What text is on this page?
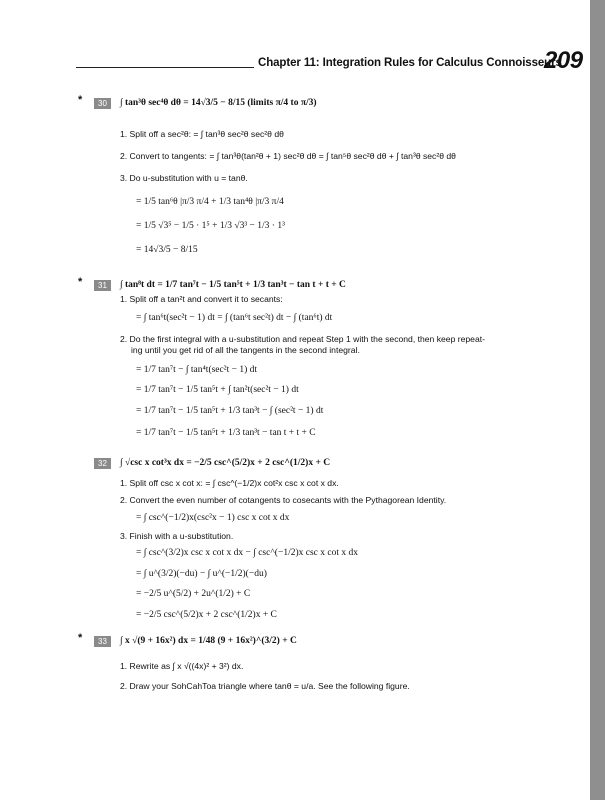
Chapter 11: Integration Rules for Calculus Connoisseurs
209
*	30	∫ tan³θ sec⁴θ dθ = 14√3/5 − 8/15 (limits π/4 to π/3)
1. Split off a sec²θ: = ∫ tan³θ sec²θ sec²θ dθ
2. Convert to tangents: = ∫ tan³θ(tan²θ + 1) sec²θ dθ = ∫ tan⁵θ sec²θ dθ + ∫ tan³θ sec²θ dθ
3. Do u-substitution with u = tanθ.
= 1/5 tan⁶θ |π/3 π/4 + 1/3 tan⁴θ |π/3 π/4
= 1/5 √3⁵ − 1/5 · 1⁵ + 1/3 √3³ − 1/3 · 1³
= 14√3/5 − 8/15
*	31	∫ tan⁸t dt = 1/7 tan⁷t − 1/5 tan⁵t + 1/3 tan³t − tan t + t + C
1. Split off a tan²t and convert it to secants:
= ∫ tan⁶t(sec²t − 1) dt = ∫ (tan⁶t sec²t) dt − ∫ (tan⁶t) dt
2. Do the first integral with a u-substitution and repeat Step 1 with the second, then keep repeat-
ing until you get rid of all the tangents in the second integral.
= 1/7 tan⁷t − ∫ tan⁴t(sec²t − 1) dt
= 1/7 tan⁷t − 1/5 tan⁵t + ∫ tan²t(sec²t − 1) dt
= 1/7 tan⁷t − 1/5 tan⁵t + 1/3 tan³t − ∫ (sec²t − 1) dt
= 1/7 tan⁷t − 1/5 tan⁵t + 1/3 tan³t − tan t + t + C
32	∫ √csc x cot³x dx = −2/5 csc^(5/2)x + 2 csc^(1/2)x + C
1. Split off csc x cot x: = ∫ csc^(−1/2)x cot²x csc x cot x dx.
2. Convert the even number of cotangents to cosecants with the Pythagorean Identity.
= ∫ csc^(−1/2)x(csc²x − 1) csc x cot x dx
3. Finish with a u-substitution.
= ∫ csc^(3/2)x csc x cot x dx − ∫ csc^(−1/2)x csc x cot x dx
= ∫ u^(3/2)(−du) − ∫ u^(−1/2)(−du)
= −2/5 u^(5/2) + 2u^(1/2) + C
= −2/5 csc^(5/2)x + 2 csc^(1/2)x + C
*	33	∫ x √(9 + 16x²) dx = 1/48 (9 + 16x²)^(3/2) + C
1. Rewrite as ∫ x √((4x)² + 3²) dx.
2. Draw your SohCahToa triangle where tanθ = u/a. See the following figure.
